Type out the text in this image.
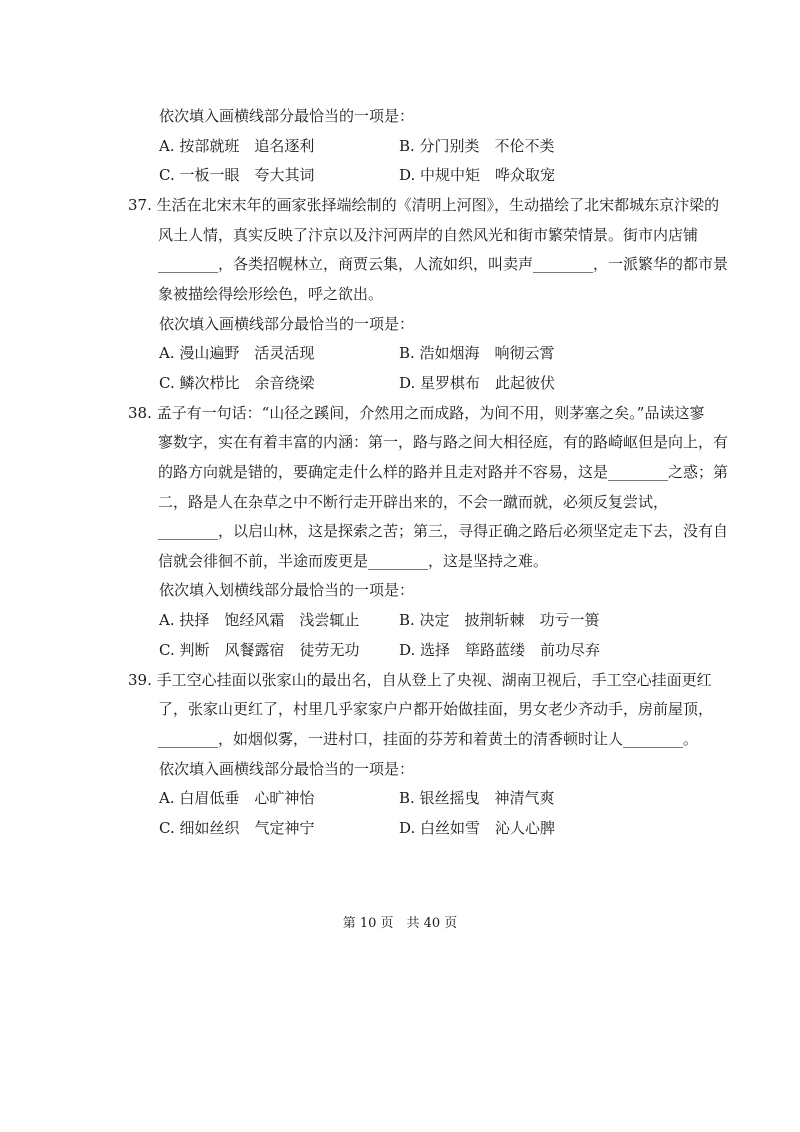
依次填入画横线部分最恰当的一项是：
A. 按部就班　追名逐利	B. 分门别类　不伦不类
C. 一板一眼　夸大其词	D. 中规中矩　哗众取宠
37. 生活在北宋末年的画家张择端绘制的《清明上河图》，生动描绘了北宋都城东京汴梁的
风土人情，真实反映了汴京以及汴河两岸的自然风光和街市繁荣情景。街市内店铺
________，各类招幌林立，商贾云集，人流如织，叫卖声________，一派繁华的都市景
象被描绘得绘形绘色，呼之欲出。
依次填入画横线部分最恰当的一项是：
A. 漫山遍野　活灵活现	B. 浩如烟海　响彻云霄
C. 鳞次栉比　余音绕梁	D. 星罗棋布　此起彼伏
38. 孟子有一句话：“山径之蹊间，介然用之而成路，为间不用，则茅塞之矣。”品读这寥
寥数字，实在有着丰富的内涵：第一，路与路之间大相径庭，有的路崎岖但是向上，有
的路方向就是错的，要确定走什么样的路并且走对路并不容易，这是________之惑；第
二，路是人在杂草之中不断行走开辟出来的，不会一蹴而就，必须反复尝试，
________，以启山林，这是探索之苦；第三，寻得正确之路后必须坚定走下去，没有自
信就会徘徊不前，半途而废更是________，这是坚持之难。
依次填入划横线部分最恰当的一项是：
A. 抉择　饱经风霜　浅尝辄止	B. 决定　披荆斩棘　功亏一篑
C. 判断　风餐露宿　徒劳无功	D. 选择　筚路蓝缕　前功尽弃
39. 手工空心挂面以张家山的最出名，自从登上了央视、湖南卫视后，手工空心挂面更红
了，张家山更红了，村里几乎家家户户都开始做挂面，男女老少齐动手，房前屋顶，
________，如烟似雾，一进村口，挂面的芬芳和着黄土的清香顿时让人________。
依次填入画横线部分最恰当的一项是：
A. 白眉低垂　心旷神怡	B. 银丝摇曳　神清气爽
C. 细如丝织　气定神宁	D. 白丝如雪　沁人心脾
第 10 页　共 40 页
